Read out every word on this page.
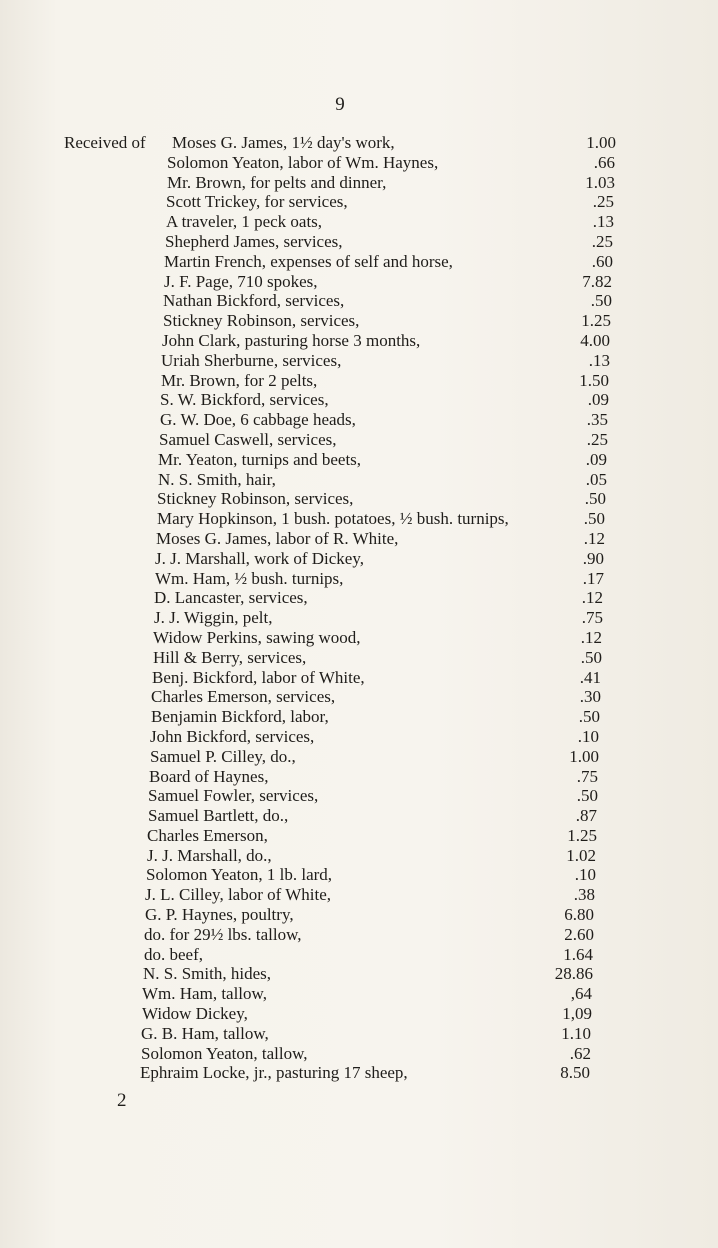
9
Received of Moses G. James, 1½ day's work,	1.00
Solomon Yeaton, labor of Wm. Haynes,	.66
Mr. Brown, for pelts and dinner,	1.03
Scott Trickey, for services,	.25
A traveler, 1 peck oats,	.13
Shepherd James, services,	.25
Martin French, expenses of self and horse,	.60
J. F. Page, 710 spokes,	7.82
Nathan Bickford, services,	.50
Stickney Robinson, services,	1.25
John Clark, pasturing horse 3 months,	4.00
Uriah Sherburne, services,	.13
Mr. Brown, for 2 pelts,	1.50
S. W. Bickford, services,	.09
G. W. Doe, 6 cabbage heads,	.35
Samuel Caswell, services,	.25
Mr. Yeaton, turnips and beets,	.09
N. S. Smith, hair,	.05
Stickney Robinson, services,	.50
Mary Hopkinson, 1 bush. potatoes, ½ bush. turnips,	.50
Moses G. James, labor of R. White,	.12
J. J. Marshall, work of Dickey,	.90
Wm. Ham, ½ bush. turnips,	.17
D. Lancaster, services,	.12
J. J. Wiggin, pelt,	.75
Widow Perkins, sawing wood,	.12
Hill & Berry, services,	.50
Benj. Bickford, labor of White,	.41
Charles Emerson, services,	.30
Benjamin Bickford, labor,	.50
John Bickford, services,	.10
Samuel P. Cilley, do.,	1.00
Board of Haynes,	.75
Samuel Fowler, services,	.50
Samuel Bartlett, do.,	.87
Charles Emerson,	1.25
J. J. Marshall, do.,	1.02
Solomon Yeaton, 1 lb. lard,	.10
J. L. Cilley, labor of White,	.38
G. P. Haynes, poultry,	6.80
do. for 29½ lbs. tallow,	2.60
do. beef,	1.64
N. S. Smith, hides,	28.86
Wm. Ham, tallow,	,64
Widow Dickey,	1,09
G. B. Ham, tallow,	1.10
Solomon Yeaton, tallow,	.62
Ephraim Locke, jr., pasturing 17 sheep,	8.50
2
